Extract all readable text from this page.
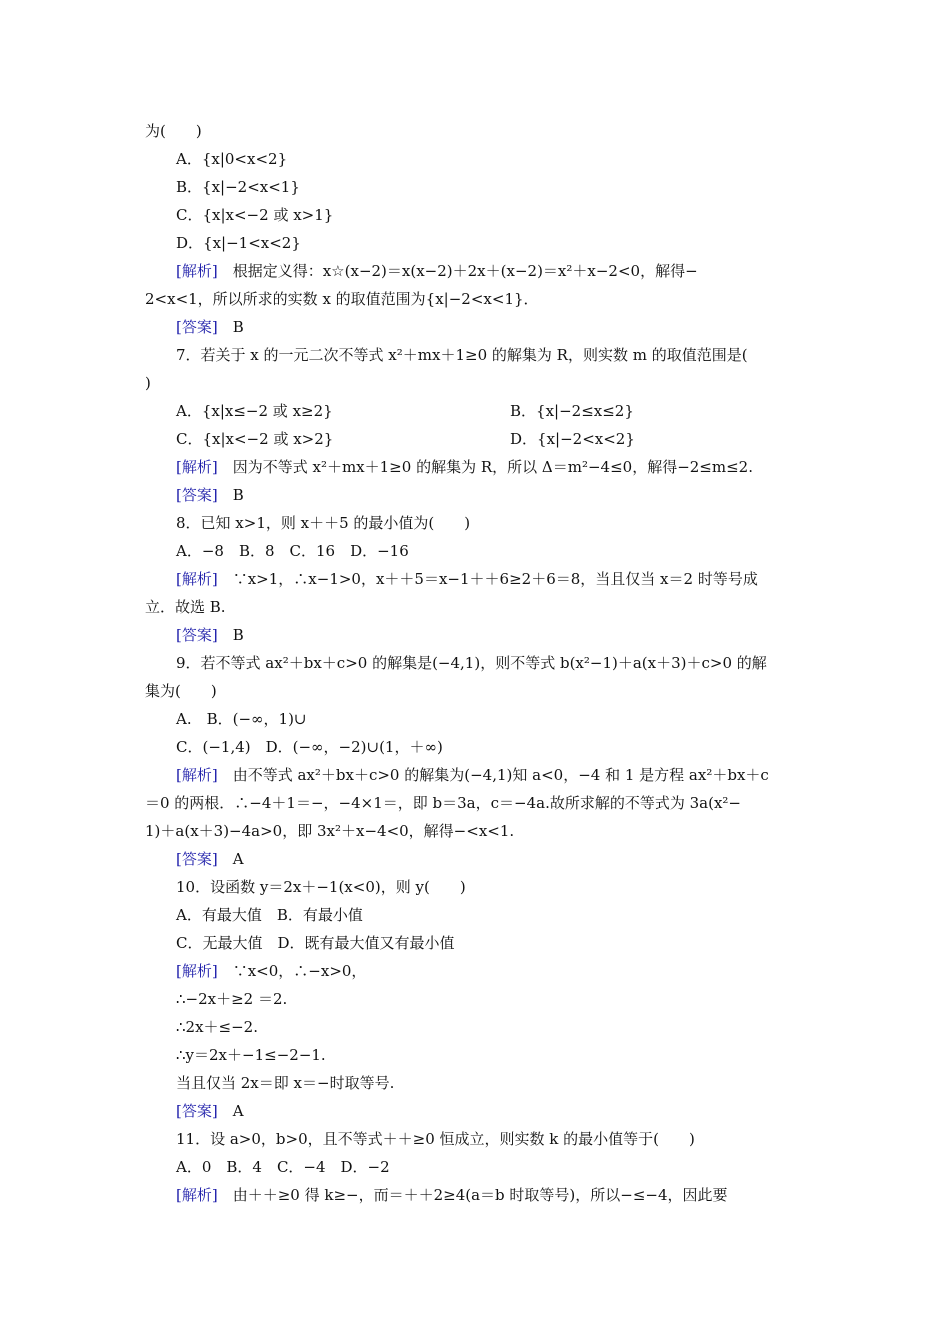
为(　　)
A．{x|0<x<2}
B．{x|−2<x<1}
C．{x|x<−2 或 x>1}
D．{x|−1<x<2}
[解析]　根据定义得：x☆(x−2)＝x(x−2)＋2x＋(x−2)＝x²＋x−2<0，解得−
2<x<1，所以所求的实数 x 的取值范围为{x|−2<x<1}．
[答案]　B
7．若关于 x 的一元二次不等式 x²＋mx＋1≥0 的解集为 R，则实数 m 的取值范围是(
)
A．{x|x≤−2 或 x≥2}	B．{x|−2≤x≤2}
C．{x|x<−2 或 x>2}	D．{x|−2<x<2}
[解析]　因为不等式 x²＋mx＋1≥0 的解集为 R，所以 Δ＝m²−4≤0，解得−2≤m≤2.
[答案]　B
8．已知 x>1，则 x＋＋5 的最小值为(　　)
A．−8　B．8　C．16　D．−16
[解析]　∵x>1，∴x−1>0，x＋＋5＝x−1＋＋6≥2＋6＝8，当且仅当 x＝2 时等号成
立．故选 B.
[答案]　B
9．若不等式 ax²＋bx＋c>0 的解集是(−4,1)，则不等式 b(x²−1)＋a(x＋3)＋c>0 的解
集为(　　)
A.　B．(−∞，1)∪
C．(−1,4)　D．(−∞，−2)∪(1，＋∞)
[解析]　由不等式 ax²＋bx＋c>0 的解集为(−4,1)知 a<0，−4 和 1 是方程 ax²＋bx＋c
＝0 的两根．∴−4＋1＝−，−4×1＝，即 b＝3a，c＝−4a.故所求解的不等式为 3a(x²−
1)＋a(x＋3)−4a>0，即 3x²＋x−4<0，解得−<x<1.
[答案]　A
10．设函数 y＝2x＋−1(x<0)，则 y(　　)
A．有最大值　B．有最小值
C．无最大值　D．既有最大值又有最小值
[解析]　∵x<0，∴−x>0，
∴−2x＋≥2 ＝2.
∴2x＋≤−2.
∴y＝2x＋−1≤−2−1.
当且仅当 2x＝即 x＝−时取等号.
[答案]　A
11．设 a>0，b>0，且不等式＋＋≥0 恒成立，则实数 k 的最小值等于(　　)
A．0　B．4　C．−4　D．−2
[解析]　由＋＋≥0 得 k≥−，而＝＋＋2≥4(a＝b 时取等号)，所以−≤−4，因此要
